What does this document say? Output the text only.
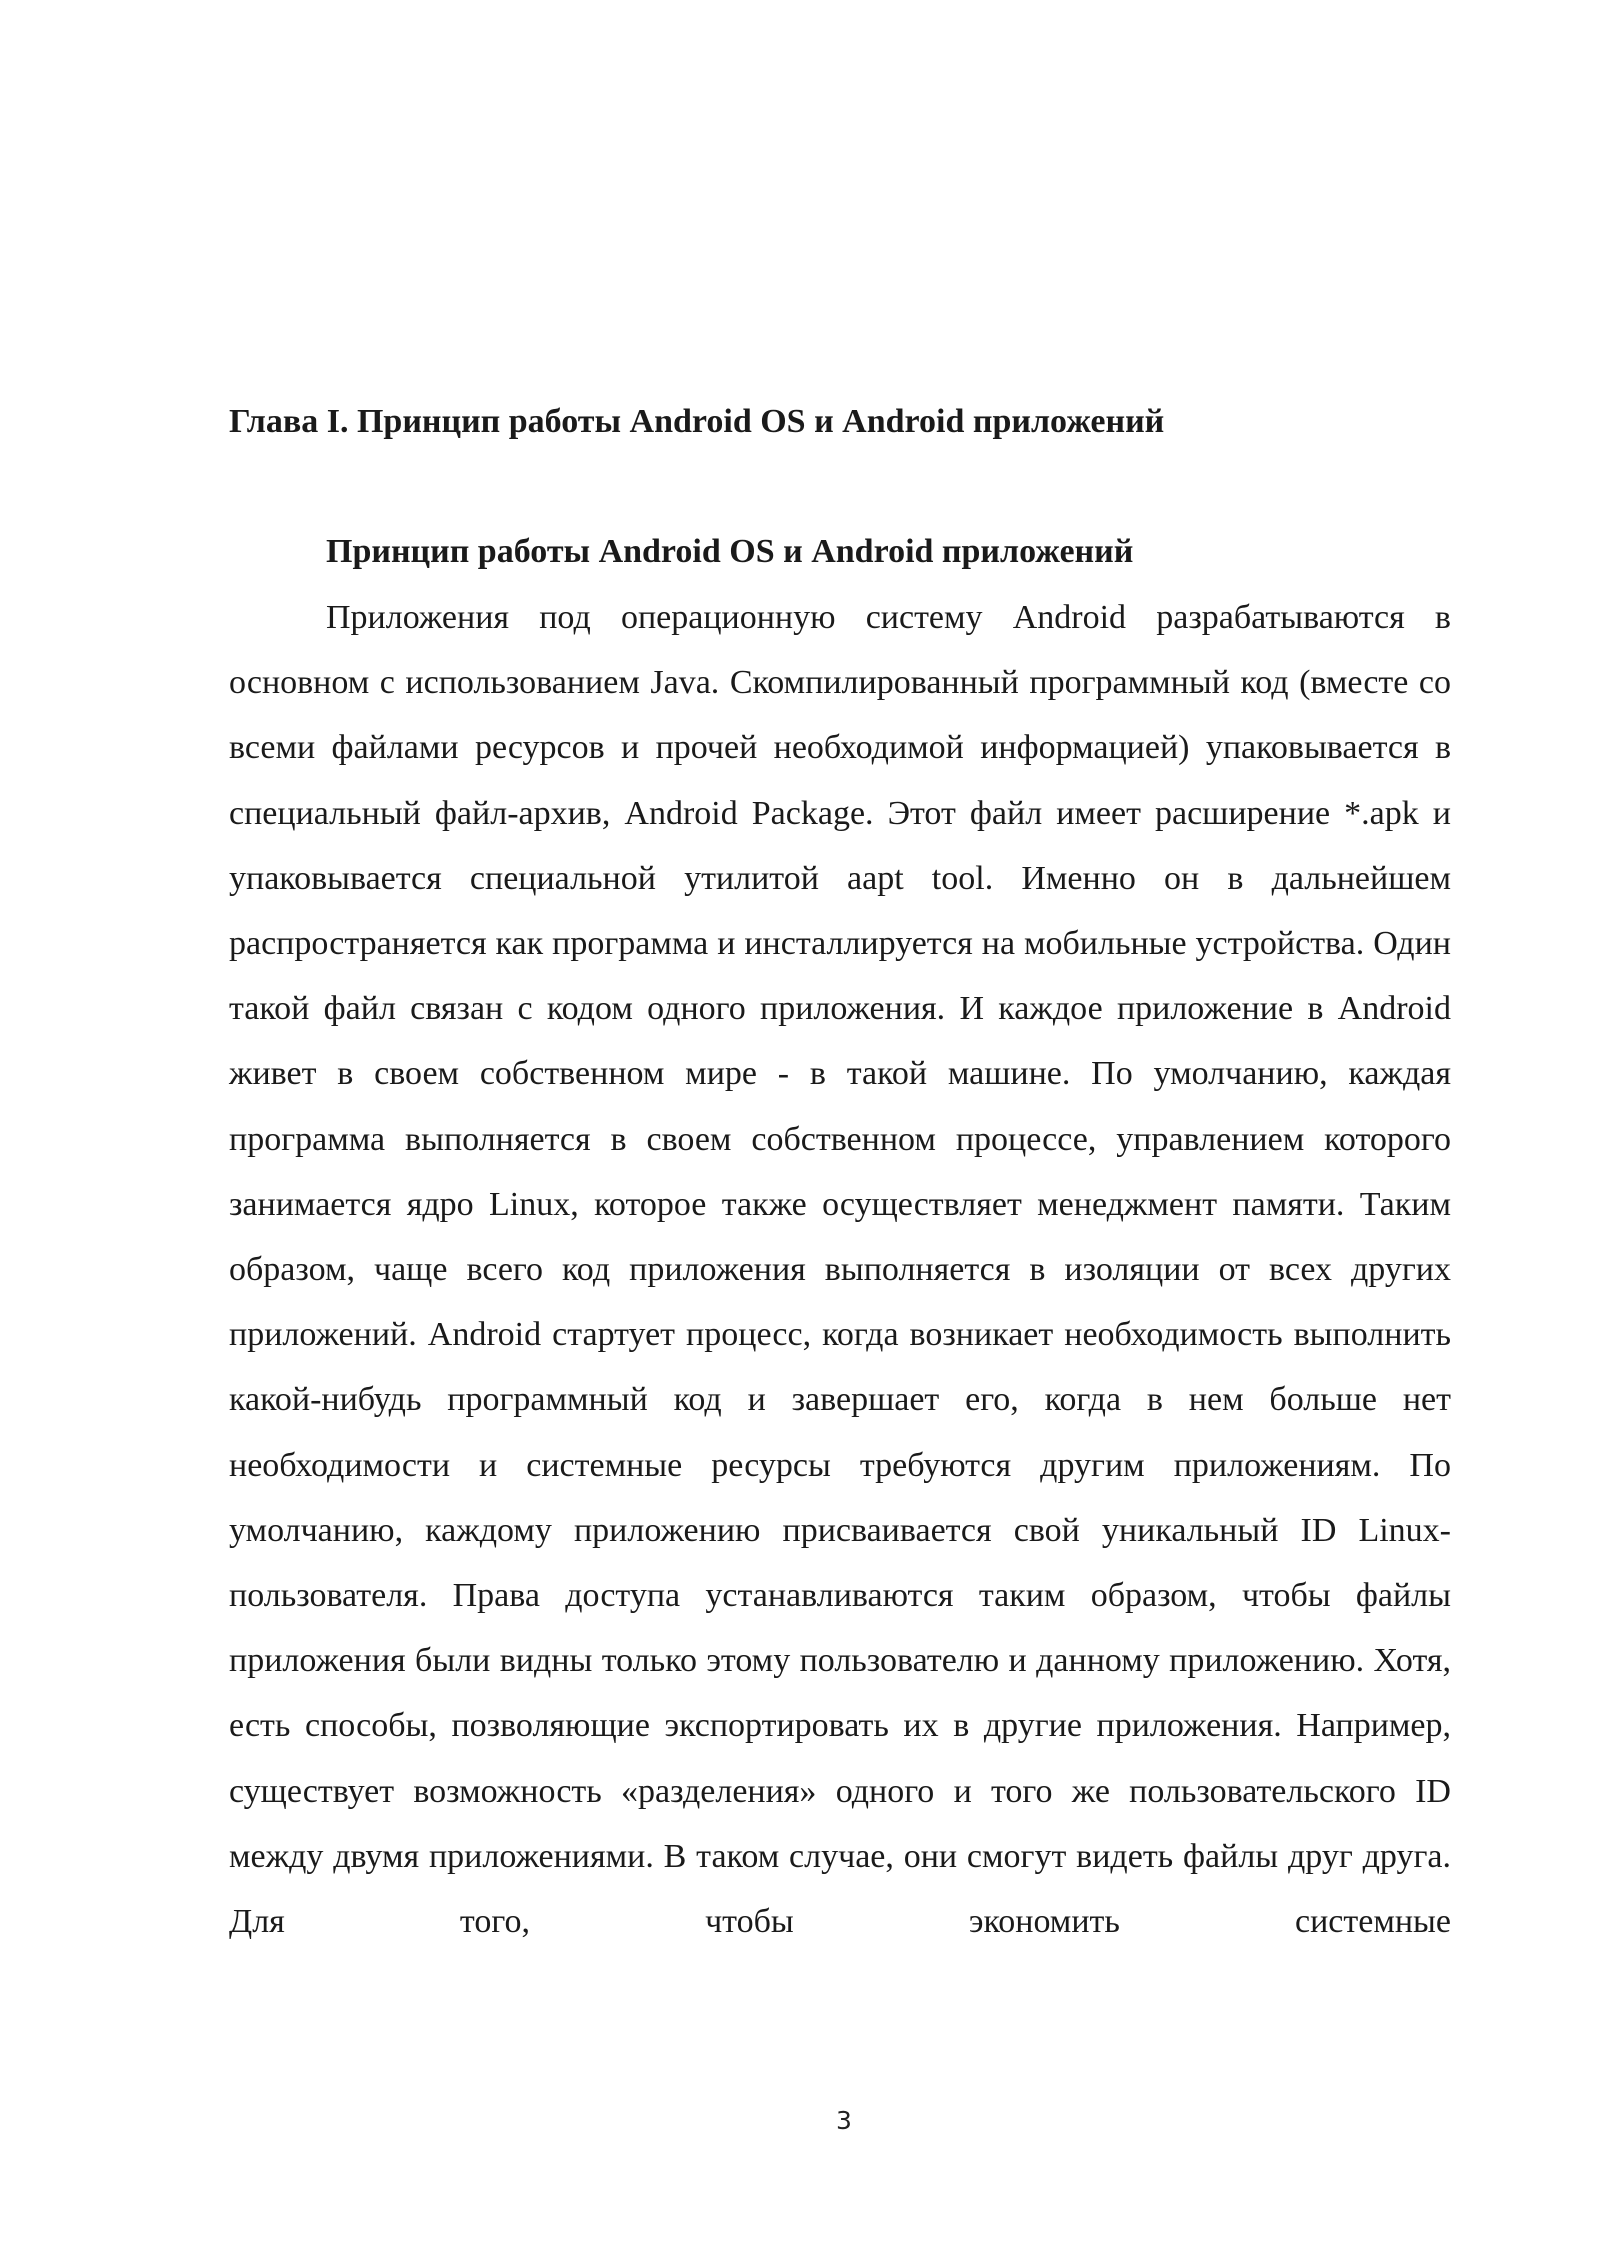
Глава I. Принцип работы Android OS и Android приложений
Принцип работы Android OS и Android приложений

Приложения под операционную систему Android разрабатываются в основном с использованием Java. Скомпилированный программный код (вместе со всеми файлами ресурсов и прочей необходимой информацией) упаковывается в специальный файл-архив, Android Package. Этот файл имеет расширение *.apk и упаковывается специальной утилитой aapt tool. Именно он в дальнейшем распространяется как программа и инсталлируется на мобильные устройства. Один такой файл связан с кодом одного приложения. И каждое приложение в Android живет в своем собственном мире - в такой машине. По умолчанию, каждая программа выполняется в своем собственном процессе, управлением которого занимается ядро Linux, которое также осуществляет менеджмент памяти. Таким образом, чаще всего код приложения выполняется в изоляции от всех других приложений. Android стартует процесс, когда возникает необходимость выполнить какой-нибудь программный код и завершает его, когда в нем больше нет необходимости и системные ресурсы требуются другим приложениям. По умолчанию, каждому приложению присваивается свой уникальный ID Linux-пользователя. Права доступа устанавливаются таким образом, чтобы файлы приложения были видны только этому пользователю и данному приложению. Хотя, есть способы, позволяющие экспортировать их в другие приложения. Например, существует возможность «разделения» одного и того же пользовательского ID между двумя приложениями. В таком случае, они смогут видеть файлы друг друга. Для того, чтобы экономить системные

3
